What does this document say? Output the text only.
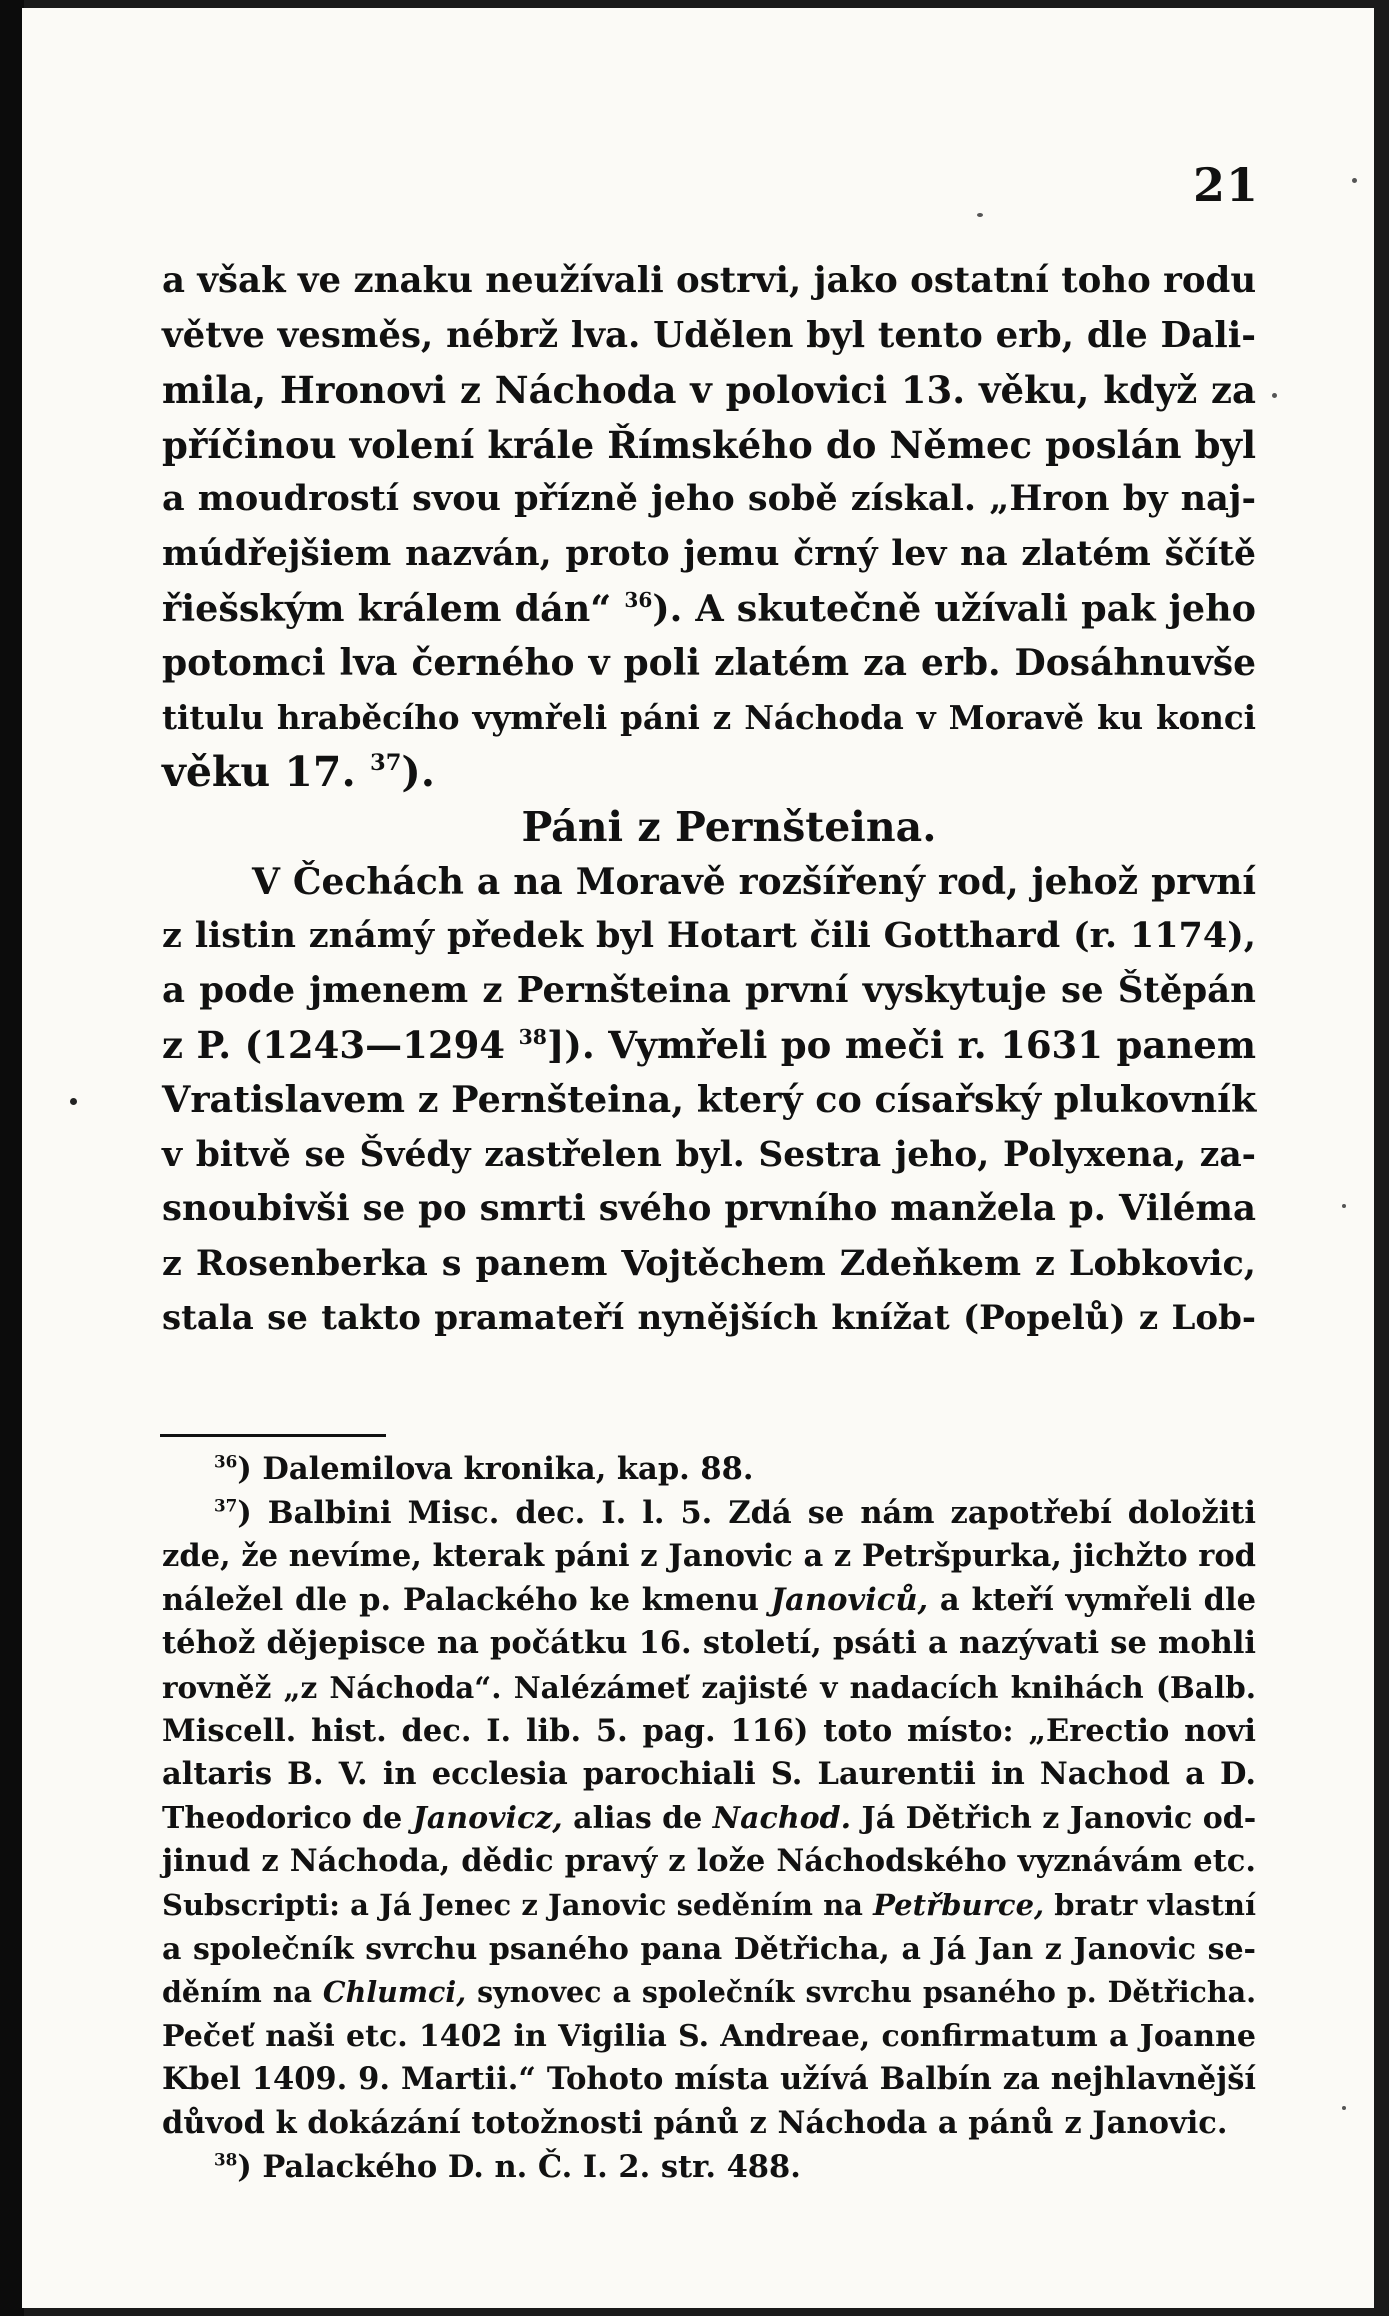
21
a však ve znaku neužívali ostrvi, jako ostatní toho rodu
větve vesměs, nébrž lva. Udělen byl tento erb, dle Dali-
mila, Hronovi z Náchoda v polovici 13. věku, když za
příčinou volení krále Římského do Němec poslán byl
a moudrostí svou přízně jeho sobě získal. „Hron by naj-
múdřejšiem nazván, proto jemu črný lev na zlatém ščítě
řiešským králem dán“ $^{36}$). A skutečně užívali pak jeho
potomci lva černého v poli zlatém za erb. Dosáhnuvše
titulu hraběcího vymřeli páni z Náchoda v Moravě ku konci
věku 17. $^{37}$).
Páni z Pernšteina.
V Čechách a na Moravě rozšířený rod, jehož první
z listin známý předek byl Hotart čili Gotthard (r. 1174),
a pode jmenem z Pernšteina první vyskytuje se Štěpán
z P. (1243—1294 $^{38}$]). Vymřeli po meči r. 1631 panem
Vratislavem z Pernšteina, který co císařský plukovník
v bitvě se Švédy zastřelen byl. Sestra jeho, Polyxena, za-
snoubivši se po smrti svého prvního manžela p. Viléma
z Rosenberka s panem Vojtěchem Zdeňkem z Lobkovic,
stala se takto pramateří nynějších knížat (Popelů) z Lob-
$^{36}$) Dalemilova kronika, kap. 88.
$^{37}$) Balbini Misc. dec. I. l. 5. Zdá se nám zapotřebí doložiti
zde, že nevíme, kterak páni z Janovic a z Petršpurka, jichžto rod
náležel dle p. Palackého ke kmenu Janoviců, a kteří vymřeli dle
téhož dějepisce na počátku 16. století, psáti a nazývati se mohli
rovněž „z Náchoda“. Nalézámeť zajisté v nadacích knihách (Balb.
Miscell. hist. dec. I. lib. 5. pag. 116) toto místo: „Erectio novi
altaris B. V. in ecclesia parochiali S. Laurentii in Nachod a D.
Theodorico de Janovicz, alias de Nachod. Já Dětřich z Janovic od-
jinud z Náchoda, dědic pravý z lože Náchodského vyznávám etc.
Subscripti: a Já Jenec z Janovic seděním na Petřburce, bratr vlastní
a společník svrchu psaného pana Dětřicha, a Já Jan z Janovic se-
děním na Chlumci, synovec a společník svrchu psaného p. Dětřicha.
Pečeť naši etc. 1402 in Vigilia S. Andreae, confirmatum a Joanne
Kbel 1409. 9. Martii.“ Tohoto místa užívá Balbín za nejhlavnější
důvod k dokázání totožnosti pánů z Náchoda a pánů z Janovic.
$^{38}$) Palackého D. n. Č. I. 2. str. 488.
